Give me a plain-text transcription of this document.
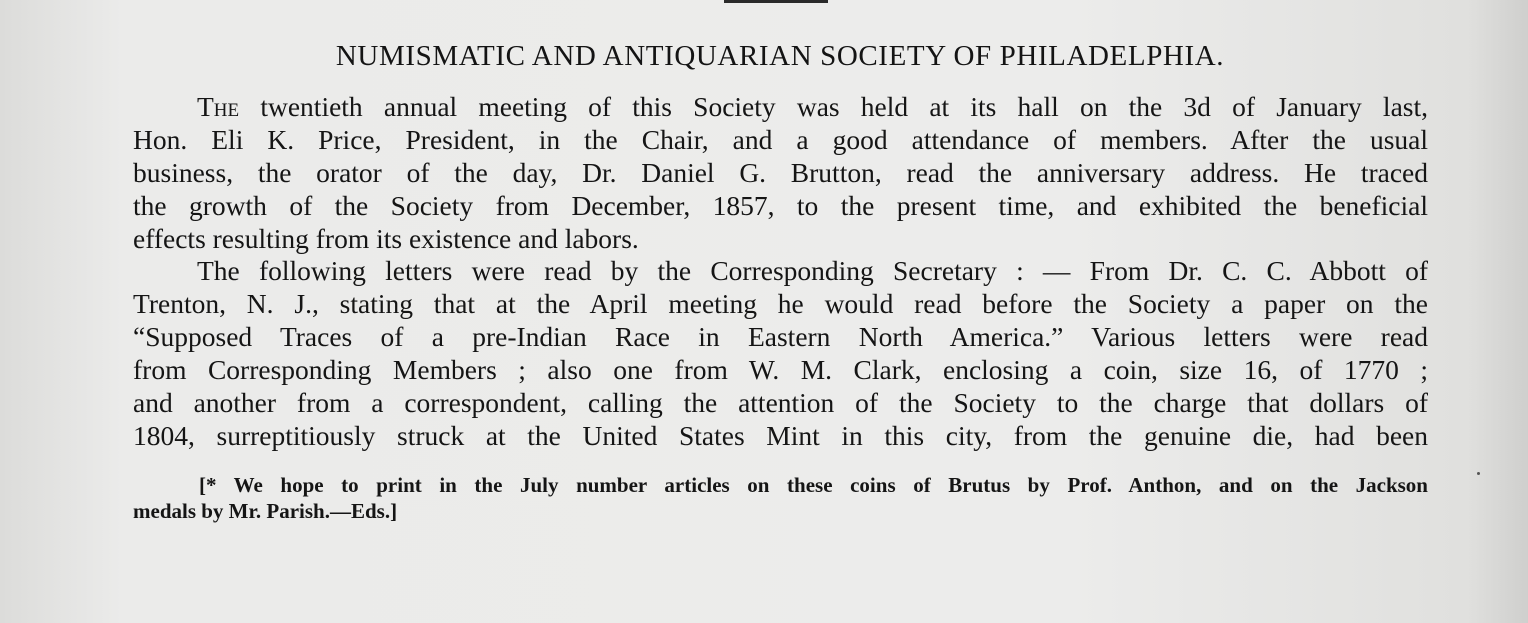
NUMISMATIC AND ANTIQUARIAN SOCIETY OF PHILADELPHIA.
The twentieth annual meeting of this Society was held at its hall on the 3d of January last,
Hon. Eli K. Price, President, in the Chair, and a good attendance of members. After the usual
business, the orator of the day, Dr. Daniel G. Brutton, read the anniversary address. He traced
the growth of the Society from December, 1857, to the present time, and exhibited the beneficial
effects resulting from its existence and labors.
The following letters were read by the Corresponding Secretary : — From Dr. C. C. Abbott of
Trenton, N. J., stating that at the April meeting he would read before the Society a paper on the
“Supposed Traces of a pre-Indian Race in Eastern North America.” Various letters were read
from Corresponding Members ; also one from W. M. Clark, enclosing a coin, size 16, of 1770 ;
and another from a correspondent, calling the attention of the Society to the charge that dollars of
1804, surreptitiously struck at the United States Mint in this city, from the genuine die, had been
[* We hope to print in the July number articles on these coins of Brutus by Prof. Anthon, and on the Jackson
medals by Mr. Parish.—Eds.]
